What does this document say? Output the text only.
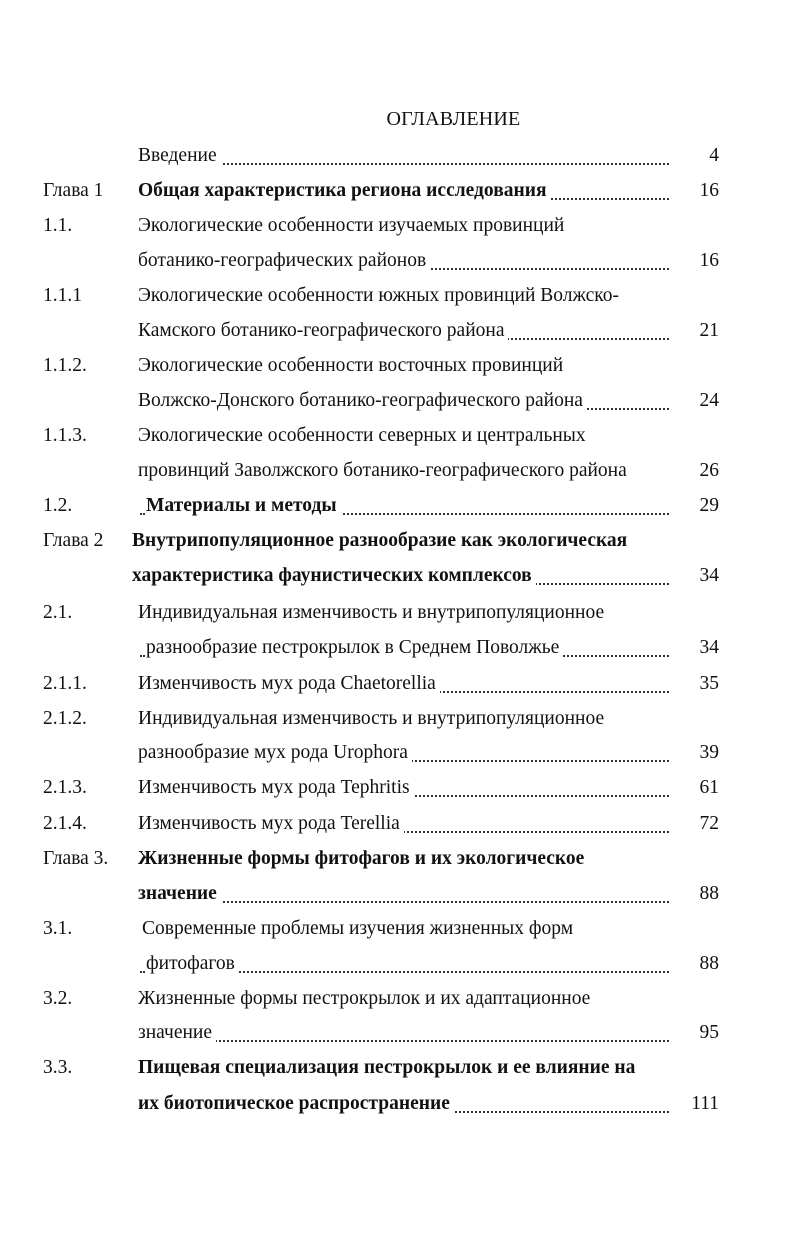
ОГЛАВЛЕНИЕ
Введение	4
Глава 1 Общая характеристика региона исследования	16
1.1.	Экологические особенности изучаемых провинций
ботанико-географических районов	16
1.1.1	Экологические особенности южных провинций Волжско-
Камского ботанико-географического района	21
1.1.2.	Экологические особенности восточных провинций
Волжско-Донского ботанико-географического района	24
1.1.3.	Экологические особенности северных и центральных
провинций Заволжского ботанико-географического района	26
1.2.	Материалы и методы	29
Глава 2 Внутрипопуляционное разнообразие как экологическая
характеристика фаунистических комплексов	34
2.1.	Индивидуальная изменчивость и внутрипопуляционное
разнообразие пестрокрылок в Среднем Поволжье	34
2.1.1.	Изменчивость мух рода Chaetorellia	35
2.1.2.	Индивидуальная изменчивость и внутрипопуляционное
разнообразие мух рода Urophora	39
2.1.3.	Изменчивость мух рода Tephritis	61
2.1.4.	Изменчивость мух рода Terellia	72
Глава 3. Жизненные формы фитофагов и их экологическое
значение	88
3.1.	Современные проблемы изучения жизненных форм
фитофагов	88
3.2.	Жизненные формы пестрокрылок и их адаптационное
значение	95
3.3.	Пищевая специализация пестрокрылок и ее влияние на
их биотопическое распространение	111
